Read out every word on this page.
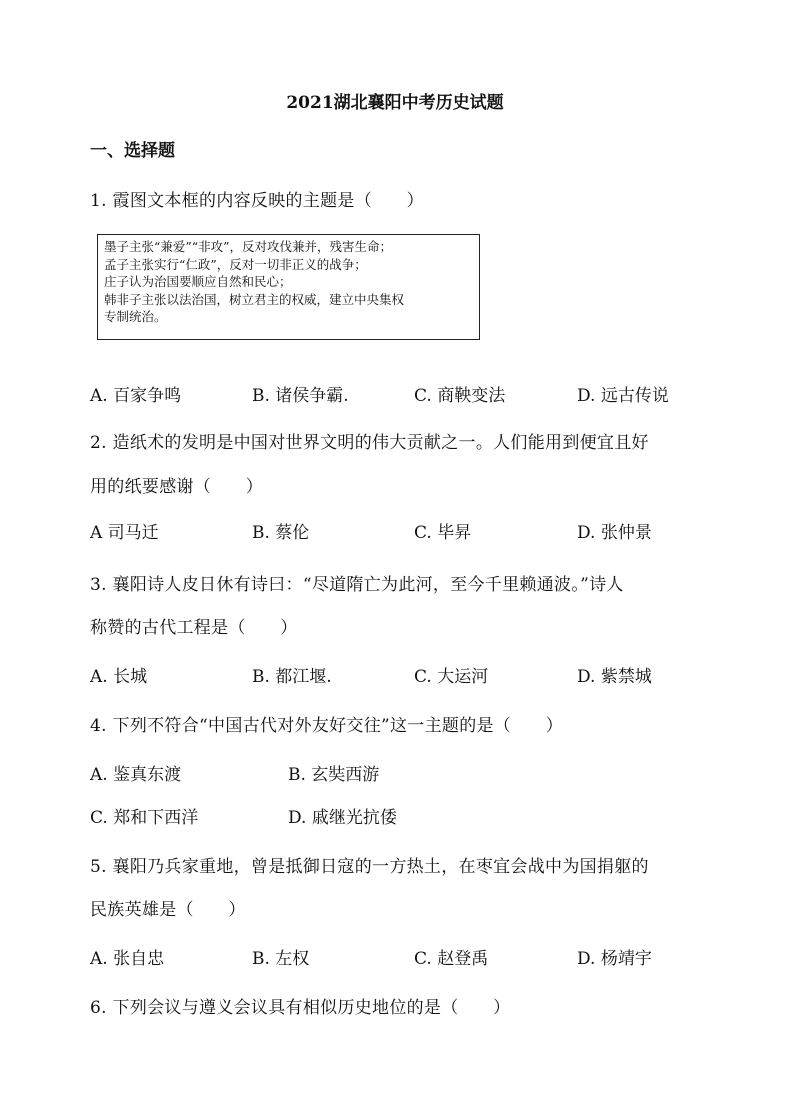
2021湖北襄阳中考历史试题
一、选择题
1. 霞图文本框的内容反映的主题是（　　）
墨子主张“兼爱”“非攻”，反对攻伐兼并，残害生命；
孟子主张实行“仁政”，反对一切非正义的战争；
庄子认为治国要顺应自然和民心；
韩非子主张以法治国，树立君主的权威，建立中央集权
专制统治。
A. 百家争鸣	B. 诸侯争霸.	C. 商鞅变法	D. 远古传说
2. 造纸术的发明是中国对世界文明的伟大贡献之一。人们能用到便宜且好
用的纸要感谢（　　）
A 司马迁	B. 蔡伦	C. 毕昇	D. 张仲景
3. 襄阳诗人皮日休有诗曰：“尽道隋亡为此河，至今千里赖通波。”诗人
称赞的古代工程是（　　）
A. 长城	B. 都江堰.	C. 大运河	D. 紫禁城
4. 下列不符合“中国古代对外友好交往”这一主题的是（　　）
A. 鉴真东渡	B. 玄奘西游
C. 郑和下西洋	D. 戚继光抗倭
5. 襄阳乃兵家重地，曾是抵御日寇的一方热土，在枣宜会战中为国捐躯的
民族英雄是（　　）
A. 张自忠	B. 左权	C. 赵登禹	D. 杨靖宇
6. 下列会议与遵义会议具有相似历史地位的是（　　）
